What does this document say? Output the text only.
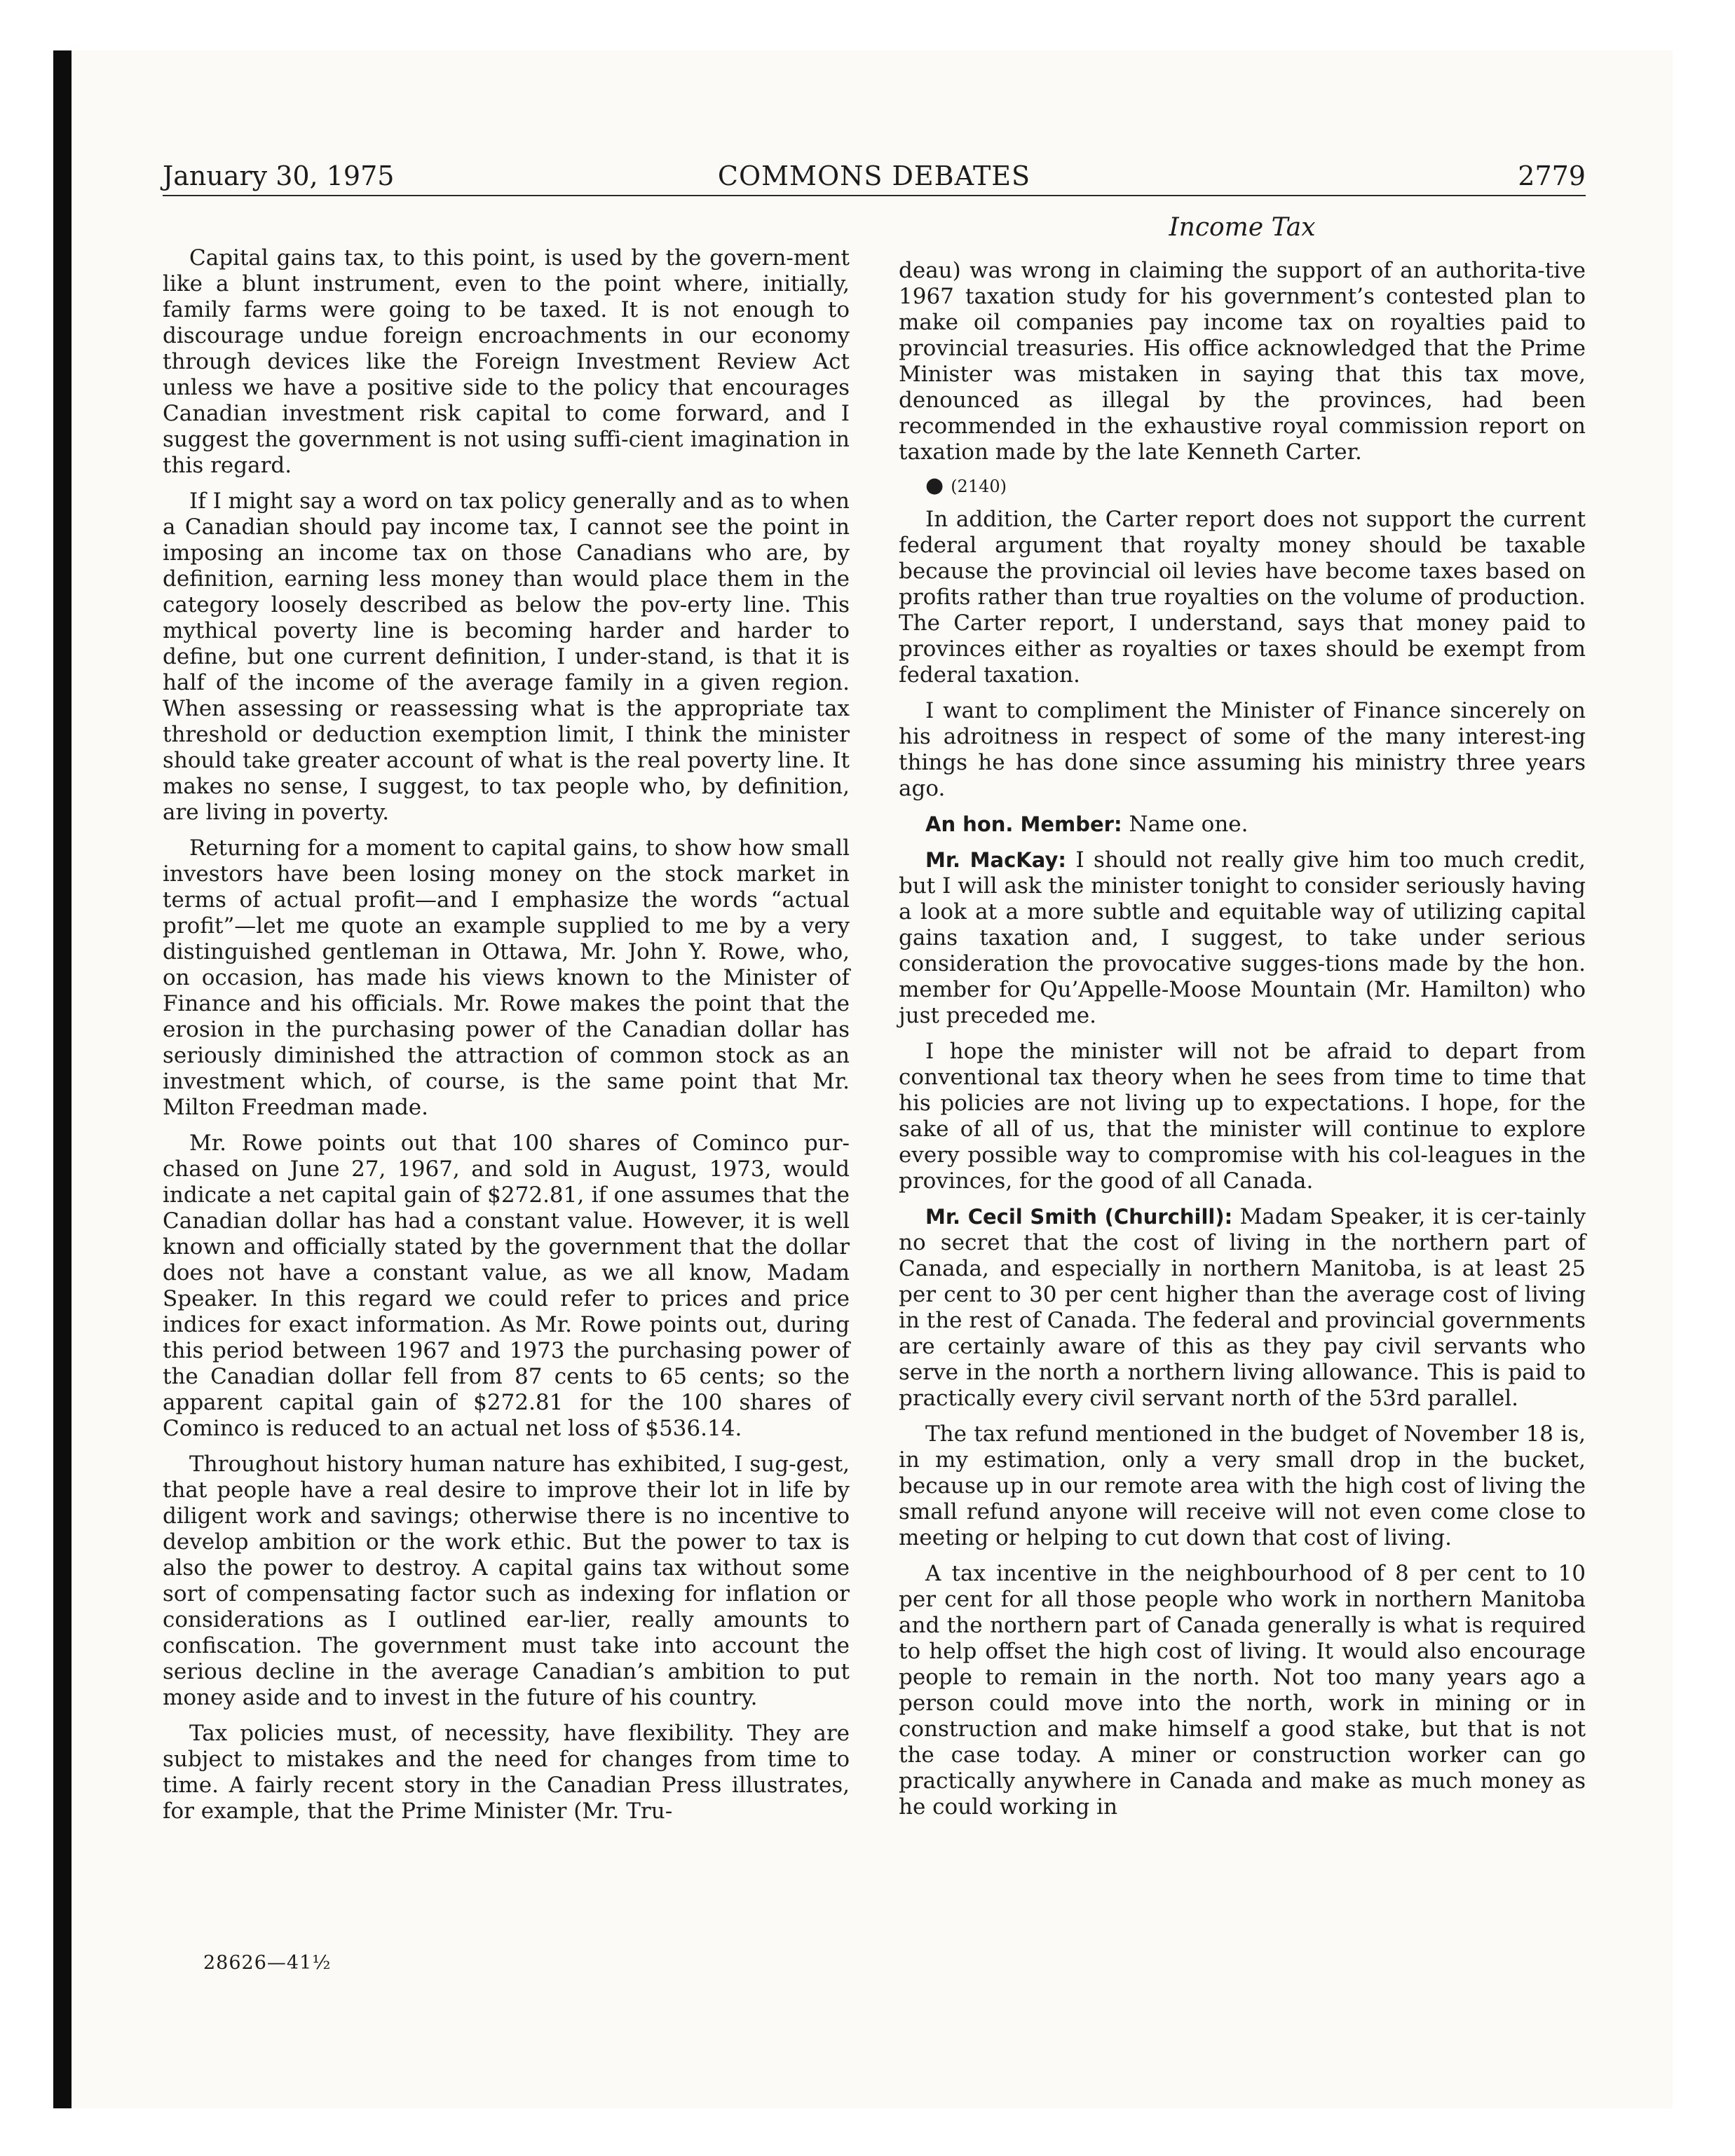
January 30, 1975	COMMONS DEBATES	2779
Income Tax

Capital gains tax, to this point, is used by the govern-ment like a blunt instrument, even to the point where, initially, family farms were going to be taxed. It is not enough to discourage undue foreign encroachments in our economy through devices like the Foreign Investment Review Act unless we have a positive side to the policy that encourages Canadian investment risk capital to come forward, and I suggest the government is not using suffi-cient imagination in this regard.

If I might say a word on tax policy generally and as to when a Canadian should pay income tax, I cannot see the point in imposing an income tax on those Canadians who are, by definition, earning less money than would place them in the category loosely described as below the pov-erty line. This mythical poverty line is becoming harder and harder to define, but one current definition, I under-stand, is that it is half of the income of the average family in a given region. When assessing or reassessing what is the appropriate tax threshold or deduction exemption limit, I think the minister should take greater account of what is the real poverty line. It makes no sense, I suggest, to tax people who, by definition, are living in poverty.

Returning for a moment to capital gains, to show how small investors have been losing money on the stock market in terms of actual profit—and I emphasize the words “actual profit”—let me quote an example supplied to me by a very distinguished gentleman in Ottawa, Mr. John Y. Rowe, who, on occasion, has made his views known to the Minister of Finance and his officials. Mr. Rowe makes the point that the erosion in the purchasing power of the Canadian dollar has seriously diminished the attraction of common stock as an investment which, of course, is the same point that Mr. Milton Freedman made.

Mr. Rowe points out that 100 shares of Cominco pur-chased on June 27, 1967, and sold in August, 1973, would indicate a net capital gain of $272.81, if one assumes that the Canadian dollar has had a constant value. However, it is well known and officially stated by the government that the dollar does not have a constant value, as we all know, Madam Speaker. In this regard we could refer to prices and price indices for exact information. As Mr. Rowe points out, during this period between 1967 and 1973 the purchasing power of the Canadian dollar fell from 87 cents to 65 cents; so the apparent capital gain of $272.81 for the 100 shares of Cominco is reduced to an actual net loss of $536.14.

Throughout history human nature has exhibited, I sug-gest, that people have a real desire to improve their lot in life by diligent work and savings; otherwise there is no incentive to develop ambition or the work ethic. But the power to tax is also the power to destroy. A capital gains tax without some sort of compensating factor such as indexing for inflation or considerations as I outlined ear-lier, really amounts to confiscation. The government must take into account the serious decline in the average Canadian’s ambition to put money aside and to invest in the future of his country.

Tax policies must, of necessity, have flexibility. They are subject to mistakes and the need for changes from time to time. A fairly recent story in the Canadian Press illustrates, for example, that the Prime Minister (Mr. Tru-

deau) was wrong in claiming the support of an authorita-tive 1967 taxation study for his government’s contested plan to make oil companies pay income tax on royalties paid to provincial treasuries. His office acknowledged that the Prime Minister was mistaken in saying that this tax move, denounced as illegal by the provinces, had been recommended in the exhaustive royal commission report on taxation made by the late Kenneth Carter.

● (2140)

In addition, the Carter report does not support the current federal argument that royalty money should be taxable because the provincial oil levies have become taxes based on profits rather than true royalties on the volume of production. The Carter report, I understand, says that money paid to provinces either as royalties or taxes should be exempt from federal taxation.

I want to compliment the Minister of Finance sincerely on his adroitness in respect of some of the many interest-ing things he has done since assuming his ministry three years ago.

An hon. Member: Name one.

Mr. MacKay: I should not really give him too much credit, but I will ask the minister tonight to consider seriously having a look at a more subtle and equitable way of utilizing capital gains taxation and, I suggest, to take under serious consideration the provocative sugges-tions made by the hon. member for Qu’Appelle-Moose Mountain (Mr. Hamilton) who just preceded me.

I hope the minister will not be afraid to depart from conventional tax theory when he sees from time to time that his policies are not living up to expectations. I hope, for the sake of all of us, that the minister will continue to explore every possible way to compromise with his col-leagues in the provinces, for the good of all Canada.

Mr. Cecil Smith (Churchill): Madam Speaker, it is cer-tainly no secret that the cost of living in the northern part of Canada, and especially in northern Manitoba, is at least 25 per cent to 30 per cent higher than the average cost of living in the rest of Canada. The federal and provincial governments are certainly aware of this as they pay civil servants who serve in the north a northern living allowance. This is paid to practically every civil servant north of the 53rd parallel.

The tax refund mentioned in the budget of November 18 is, in my estimation, only a very small drop in the bucket, because up in our remote area with the high cost of living the small refund anyone will receive will not even come close to meeting or helping to cut down that cost of living.

A tax incentive in the neighbourhood of 8 per cent to 10 per cent for all those people who work in northern Manitoba and the northern part of Canada generally is what is required to help offset the high cost of living. It would also encourage people to remain in the north. Not too many years ago a person could move into the north, work in mining or in construction and make himself a good stake, but that is not the case today. A miner or construction worker can go practically anywhere in Canada and make as much money as he could working in

28626—41½
